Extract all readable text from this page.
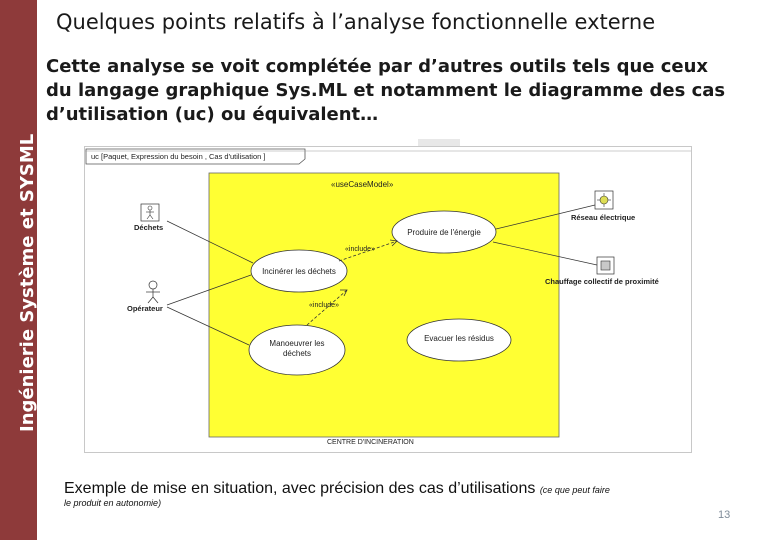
Ingénierie Système et SYSML
Quelques points relatifs à l’analyse fonctionnelle externe
Cette analyse se voit complétée par d’autres outils tels que ceux du langage graphique Sys.ML et notamment le diagramme des cas d’utilisation (uc) ou équivalent…
uc [Paquet, Expression du besoin , Cas d'utilisation ]
«useCaseModel»
CENTRE D'INCINERATION
Produire de l'énergie
Incinérer les déchets
Manoeuvrer les
déchets
Evacuer les résidus
«include»
«include»
Déchets
Opérateur
Réseau électrique
Chauffage collectif de proximité
Exemple de mise en situation, avec précision des cas d’utilisations (ce que peut faire
le produit en autonomie)
13
